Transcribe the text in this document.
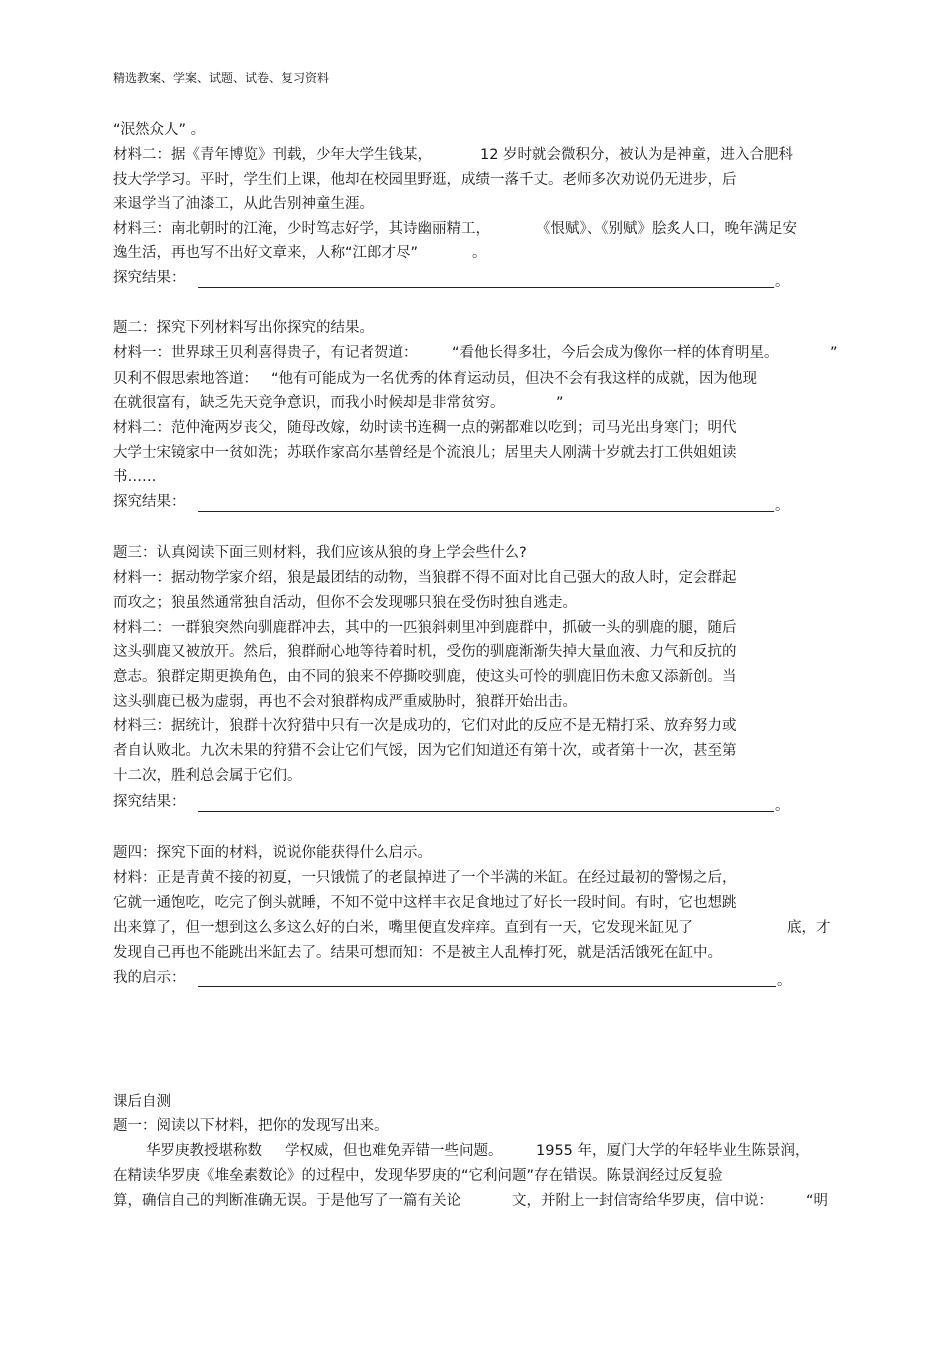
精选教案、学案、试题、试卷、复习资料
“泯然众人” 。
材料二：据《青年博览》刊载，少年大学生钱某，	12 岁时就会微积分，被认为是神童，进入合肥科
技大学学习。平时，学生们上课，他却在校园里野逛，成绩一落千丈。老师多次劝说仍无进步，后
来退学当了油漆工，从此告别神童生涯。
材料三：南北朝时的江淹，少时笃志好学，其诗幽丽精工，	《恨赋》、《别赋》脍炙人口，晚年满足安
逸生活，再也写不出好文章来，人称“江郎才尽”	。
探究结果：	。
题二：探究下列材料写出你探究的结果。
材料一：世界球王贝利喜得贵子，有记者贺道： “看他长得多壮，今后会成为像你一样的体育明星。	”
贝利不假思索地答道： “他有可能成为一名优秀的体育运动员，但决不会有我这样的成就，因为他现
在就很富有，缺乏先天竞争意识，而我小时候却是非常贫穷。	”
材料二：范仲淹两岁丧父，随母改嫁，幼时读书连稠一点的粥都难以吃到；司马光出身寒门；明代
大学士宋镜家中一贫如洗；苏联作家高尔基曾经是个流浪儿；居里夫人刚满十岁就去打工供姐姐读
书……
探究结果：	。
题三：认真阅读下面三则材料，我们应该从狼的身上学会些什么?
材料一：据动物学家介绍，狼是最团结的动物，当狼群不得不面对比自己强大的敌人时，定会群起
而攻之；狼虽然通常独自活动，但你不会发现哪只狼在受伤时独自逃走。
材料二：一群狼突然向驯鹿群冲去，其中的一匹狼斜刺里冲到鹿群中，抓破一头的驯鹿的腿，随后
这头驯鹿又被放开。然后，狼群耐心地等待着时机，受伤的驯鹿渐渐失掉大量血液、力气和反抗的
意志。狼群定期更换角色，由不同的狼来不停撕咬驯鹿，使这头可怜的驯鹿旧伤未愈又添新创。当
这头驯鹿已极为虚弱，再也不会对狼群构成严重威胁时，狼群开始出击。
材料三：据统计，狼群十次狩猎中只有一次是成功的，它们对此的反应不是无精打采、放弃努力或
者自认败北。九次未果的狩猎不会让它们气馁，因为它们知道还有第十次，或者第十一次，甚至第
十二次，胜利总会属于它们。
探究结果：	。
题四：探究下面的材料，说说你能获得什么启示。
材料：正是青黄不接的初夏，一只饿慌了的老鼠掉进了一个半满的米缸。在经过最初的警惕之后，
它就一通饱吃，吃完了倒头就睡，不知不觉中这样丰衣足食地过了好长一段时间。有时，它也想跳
出来算了，但一想到这么多这么好的白米，嘴里便直发痒痒。直到有一天，它发现米缸见了	底，才
发现自己再也不能跳出米缸去了。结果可想而知：不是被主人乱棒打死，就是活活饿死在缸中。
我的启示：	。
课后自测
题一：阅读以下材料，把你的发现写出来。
华罗庚教授堪称数 学权威，但也难免弄错一些问题。 1955 年，厦门大学的年轻毕业生陈景润，
在精读华罗庚《堆垒素数论》的过程中，发现华罗庚的“它利问题”存在错误。陈景润经过反复验
算，确信自己的判断准确无误。于是他写了一篇有关论	文，并附上一封信寄给华罗庚，信中说： “明
